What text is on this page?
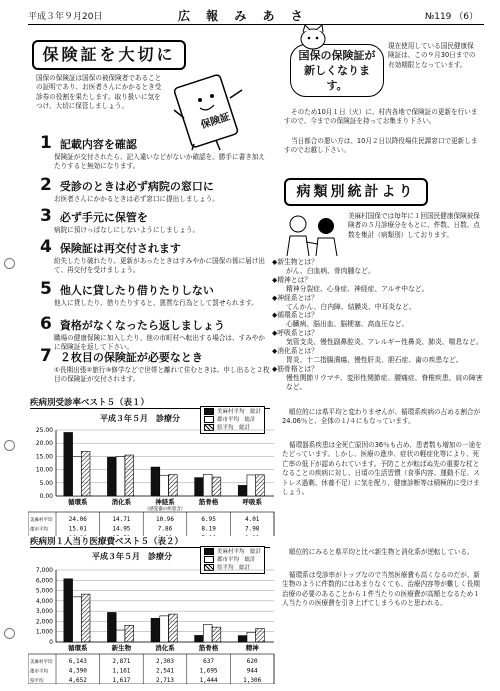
平成３年９月20日	広 報 み あ さ	№119 （6）
保険証を大切に
国保の保険証は国保の被保険者であることの証明であり、お医者さんにかかるとき受診券の役割を果たします。取り扱いに気をつけ、大切に保管しましょう。
保険証
1 記載内容を確認
保険証が交付されたら、記入違いなどがないか確認を。勝手に書き加えたりすると無効になります。
2 受診のときは必ず病院の窓口に
お医者さんにかかるときは必ず窓口に提出しましょう。
3 必ず手元に保管を
病院に預けっぱなしにしないようにしましょう。
4 保険証は再交付されます
紛失したり破れたり、更新があったときはすみやかに国保の係に届け出て、再交付を受けましょう。
5 他人に貸したり借りたりしない
他人に貸したり、借りたりすると、悪質な行為として罰せられます。
6 資格がなくなったら返しましょう
職場の健康保険に加入したり、他の市町村へ転出する場合は、すみやかに保険証を返して下さい。
7 ２枚目の保険証が必要なとき
①長期出張②旅行③修学などで世帯と離れて住むときは、申し出ると２枚目の保険証が交付されます。
国保の保険証が新しくなります。
現在使用している国民健康保険証は、この９月30日までの有効期限となっています。
そのため10月１日（火）に、村内各地で保険証の更新を行いますので、今までの保険証を持ってお集まり下さい。
当日都合の悪い方は、10月２日以降役場住民課窓口で更新しますのでお越し下さい。
病類別統計より
美麻村国保では毎年に１回国民健康保険被保険者の５月診療分をもとに、件数、日数、点数を集計（病類別）しております。
◆新生物とは？
がん、白血病、骨肉腫など。
◆精神とは？
精神分裂症、心身症、神経症、アルサ中など。
◆神経系とは？
てんかん、白内障、結膜炎、中耳炎など。
◆循環系とは？
心臓病、脳出血、脳梗塞、高血圧など。
◆呼吸系とは？
気管支炎、慢性副鼻腔炎、アレルギー性鼻炎、肺炎、喘息など。
◆消化系とは？
胃炎、十二指腸潰瘍、慢性肝炎、胆石症、歯の疾患など。
◆筋骨格とは？
慢性関節リウマチ、変形性関節症、腰痛症、脊椎疾患、肩の障害など。
順位的には県平均と変わりませんが、循環系疾病の占める割合が24.06％と、全体の１/４にもなっています。
循環器系疾患は全死亡原因の36％も占め、患者数も増加の一途をたどっています。しかし、医療の進歩、症状の軽症化等により、死亡率の低下が認められています。予防ことが転ばぬ先の重要な杖となることの疾病に対し、日頃の生活習慣（食事内容、運動不足、ストレス過剰、休養不足）に気を配り、健康診断等は積極的に受けましょう。
順位的にみると県平均と比べ新生物と消化系が逆転している。
循環系は受診率がトップなので当然医療費も高くなるのだが、新生物のように件数的にはあまりなくても、治療内容等が難しく長期治療の必要のあることから１件当たりの医療費が高額となるため１人当たりの医療費を引き上げてしまうものと思われる。
疾病別受診率ベスト５（表１）
平成３年５月　診療分
美麻村平均　総計
郡市平均　総計
県平均　総計
25.00
20.00
15.00
10.00
5.00
0.00
循環系	消化系	神経系
（感覚器の疾患含）
筋骨格	呼吸系
美麻村平均	24.06	14.71	10.96	6.95	4.01
郡市平均	15.01	14.95	7.86	8.19	7.98
疾病別１人当り医療費ベスト５（表２）
平成３年５月　診療分	美麻村平均　総計
郡市平均　総計
県平均　総計
7,000
6,000
5,000
4,000
3,000
2,000
1,000
0
循環系	新生物	消化系	筋骨格	精神
美麻村平均	6,143	2,871	2,303	637	620
郡市平均	4,390	1,161	2,541	1,695	944
県平均	4,652	1,617	2,713	1,444	1,306
